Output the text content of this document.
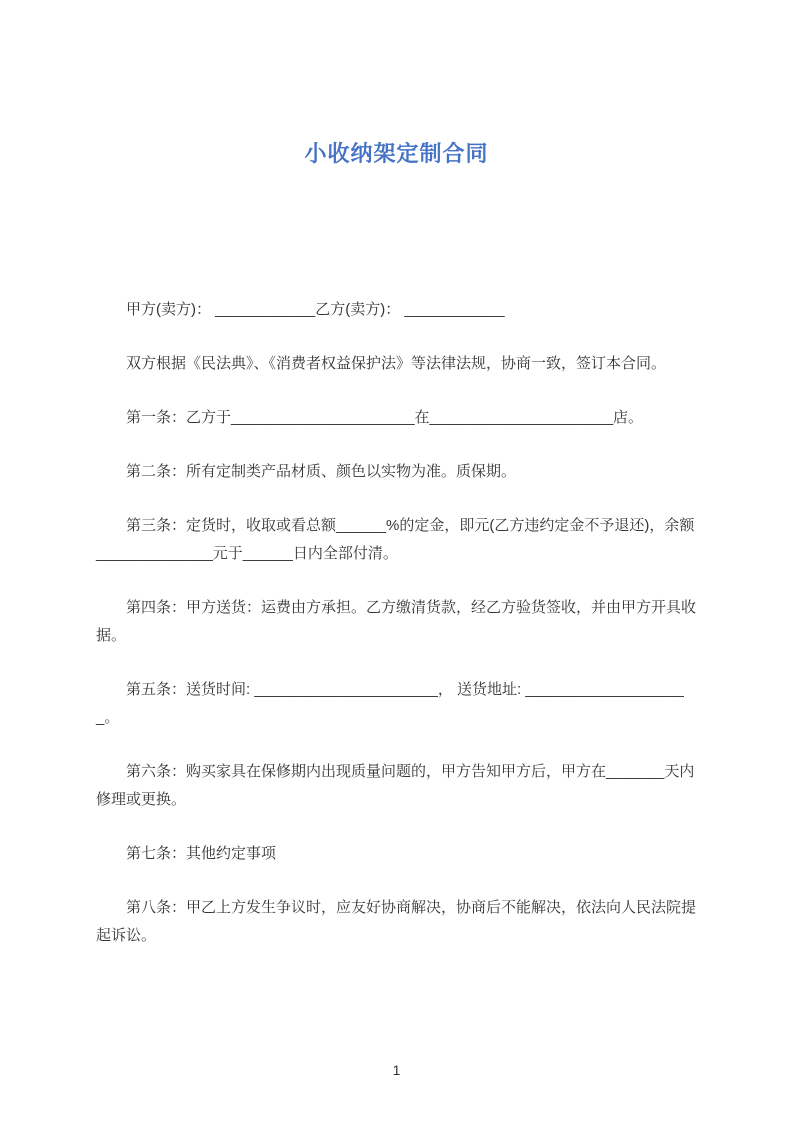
小收纳架定制合同

甲方(卖方)： ____________乙方(卖方)： ____________

双方根据《民法典》、《消费者权益保护法》等法律法规，协商一致，签订本合同。

第一条：乙方于______________________在______________________店。

第二条：所有定制类产品材质、颜色以实物为准。质保期。

第三条：定货时，收取或看总额______%的定金，即元(乙方违约定金不予退还)，余额______________元于______日内全部付清。

第四条：甲方送货：运费由方承担。乙方缴清货款，经乙方验货签收，并由甲方开具收据。

第五条：送货时间: ______________________， 送货地址: ____________________。

第六条：购买家具在保修期内出现质量问题的，甲方告知甲方后，甲方在_______天内修理或更换。

第七条：其他约定事项

第八条：甲乙上方发生争议时，应友好协商解决，协商后不能解决，依法向人民法院提起诉讼。

1
